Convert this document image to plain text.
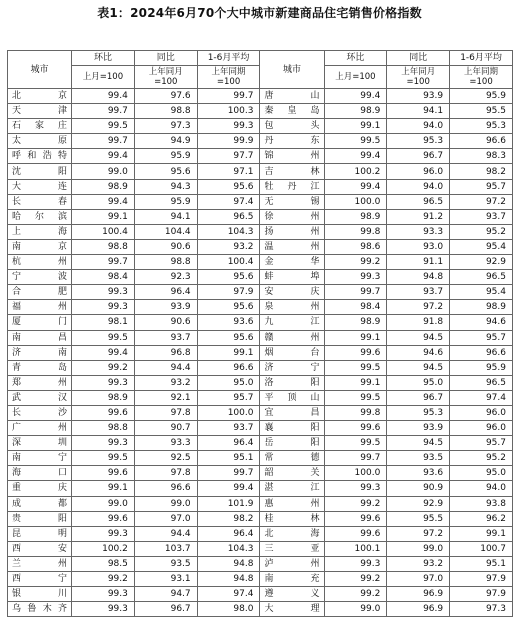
表1：2024年6月70个大中城市新建商品住宅销售价格指数
城市	环比	同比	1-6月平均	城市	环比	同比	1-6月平均
	上月=100	上年同月=100	上年同期=100		上月=100	上年同月=100	上年同期=100
北　京	99.4	97.6	99.7	唐　山	99.4	93.9	95.9
天　津	99.7	98.8	100.3	秦皇岛	98.9	94.1	95.5
石家庄	99.5	97.3	99.3	包　头	99.1	94.0	95.3
太　原	99.7	94.9	99.9	丹　东	99.5	95.3	96.6
呼和浩特	99.4	95.9	97.7	锦　州	99.4	96.7	98.3
沈　阳	99.0	95.6	97.1	吉　林	100.2	96.0	98.2
大　连	98.9	94.3	95.6	牡丹江	99.4	94.0	95.7
长　春	99.4	95.9	97.4	无　锡	100.0	96.5	97.2
哈尔滨	99.1	94.1	96.5	徐　州	98.9	91.2	93.7
上　海	100.4	104.4	104.3	扬　州	99.8	93.3	95.2
南　京	98.8	90.6	93.2	温　州	98.6	93.0	95.4
杭　州	99.7	98.8	100.4	金　华	99.2	91.1	92.9
宁　波	98.4	92.3	95.6	蚌　埠	99.3	94.8	96.5
合　肥	99.3	96.4	97.9	安　庆	99.7	93.7	95.4
福　州	99.3	93.9	95.6	泉　州	98.4	97.2	98.9
厦　门	98.1	90.6	93.6	九　江	98.9	91.8	94.6
南　昌	99.5	93.7	95.6	赣　州	99.1	94.5	95.7
济　南	99.4	96.8	99.1	烟　台	99.6	94.6	96.6
青　岛	99.2	94.4	96.6	济　宁	99.5	94.5	95.9
郑　州	99.3	93.2	95.0	洛　阳	99.1	95.0	96.5
武　汉	98.9	92.1	95.7	平顶山	99.5	96.7	97.4
长　沙	99.6	97.8	100.0	宜　昌	99.8	95.3	96.0
广　州	98.8	90.7	93.7	襄　阳	99.6	93.9	96.0
深　圳	99.3	93.3	96.4	岳　阳	99.5	94.5	95.7
南　宁	99.5	92.5	95.1	常　德	99.7	93.5	95.2
海　口	99.6	97.8	99.7	韶　关	100.0	93.6	95.0
重　庆	99.1	96.6	99.4	湛　江	99.3	90.9	94.0
成　都	99.0	99.0	101.9	惠　州	99.2	92.9	93.8
贵　阳	99.6	97.0	98.2	桂　林	99.6	95.5	96.2
昆　明	99.3	94.4	96.4	北　海	99.6	97.2	99.1
西　安	100.2	103.7	104.3	三　亚	100.1	99.0	100.7
兰　州	98.5	93.5	94.8	泸　州	99.3	93.2	95.1
西　宁	99.2	93.1	94.8	南　充	99.2	97.0	97.9
银　川	99.3	94.7	97.4	遵　义	99.2	96.9	97.9
乌鲁木齐	99.3	96.7	98.0	大　理	99.0	96.9	97.3
